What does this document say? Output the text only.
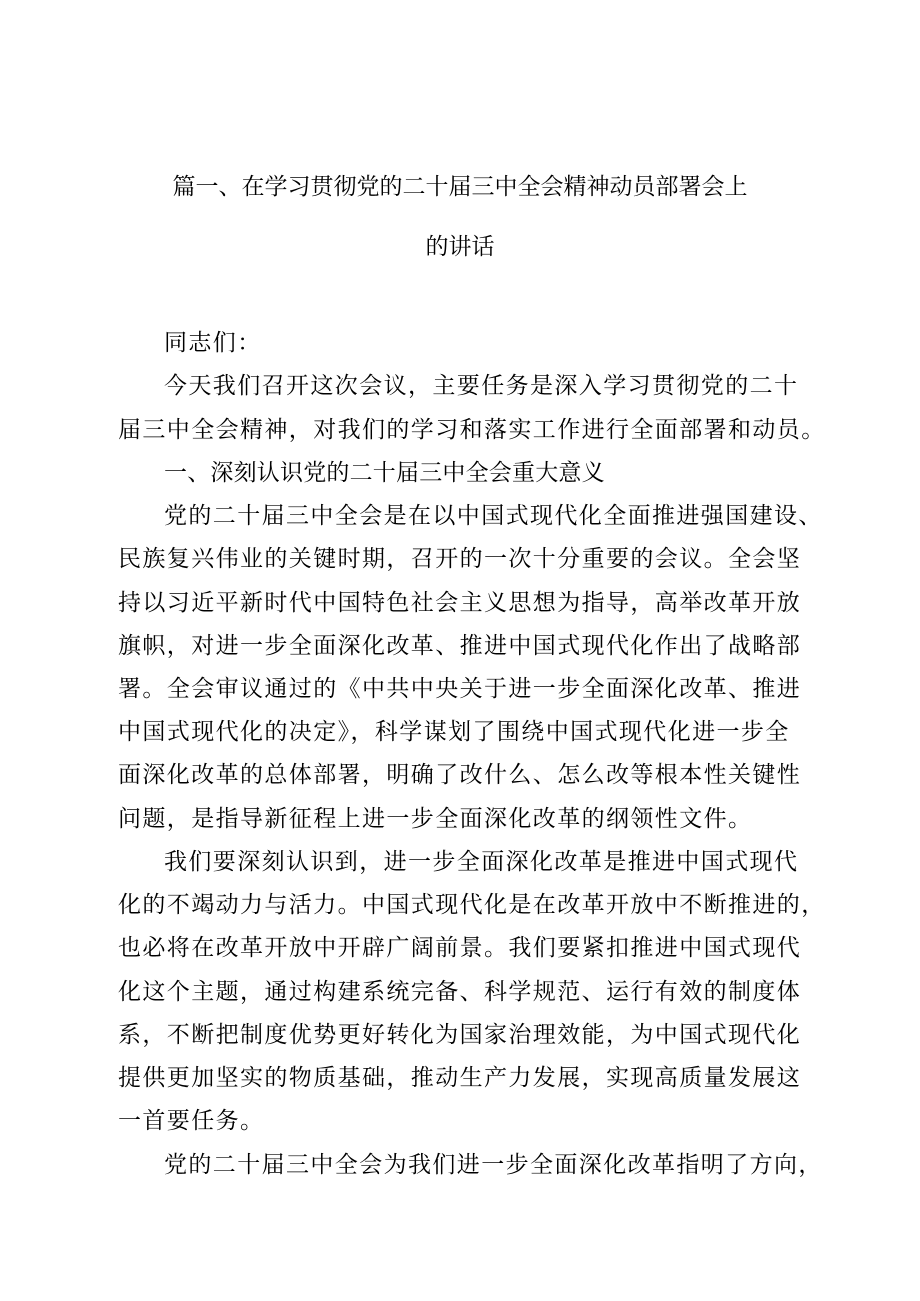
篇一、在学习贯彻党的二十届三中全会精神动员部署会上
的讲话

同志们：

今天我们召开这次会议，主要任务是深入学习贯彻党的二十

届三中全会精神，对我们的学习和落实工作进行全面部署和动员。

一、深刻认识党的二十届三中全会重大意义

党的二十届三中全会是在以中国式现代化全面推进强国建设、

民族复兴伟业的关键时期，召开的一次十分重要的会议。全会坚

持以习近平新时代中国特色社会主义思想为指导，高举改革开放

旗帜，对进一步全面深化改革、推进中国式现代化作出了战略部

署。全会审议通过的《中共中央关于进一步全面深化改革、推进

中国式现代化的决定》，科学谋划了围绕中国式现代化进一步全

面深化改革的总体部署，明确了改什么、怎么改等根本性关键性

问题，是指导新征程上进一步全面深化改革的纲领性文件。

我们要深刻认识到，进一步全面深化改革是推进中国式现代

化的不竭动力与活力。中国式现代化是在改革开放中不断推进的，

也必将在改革开放中开辟广阔前景。我们要紧扣推进中国式现代

化这个主题，通过构建系统完备、科学规范、运行有效的制度体

系，不断把制度优势更好转化为国家治理效能，为中国式现代化

提供更加坚实的物质基础，推动生产力发展，实现高质量发展这

一首要任务。

党的二十届三中全会为我们进一步全面深化改革指明了方向，
